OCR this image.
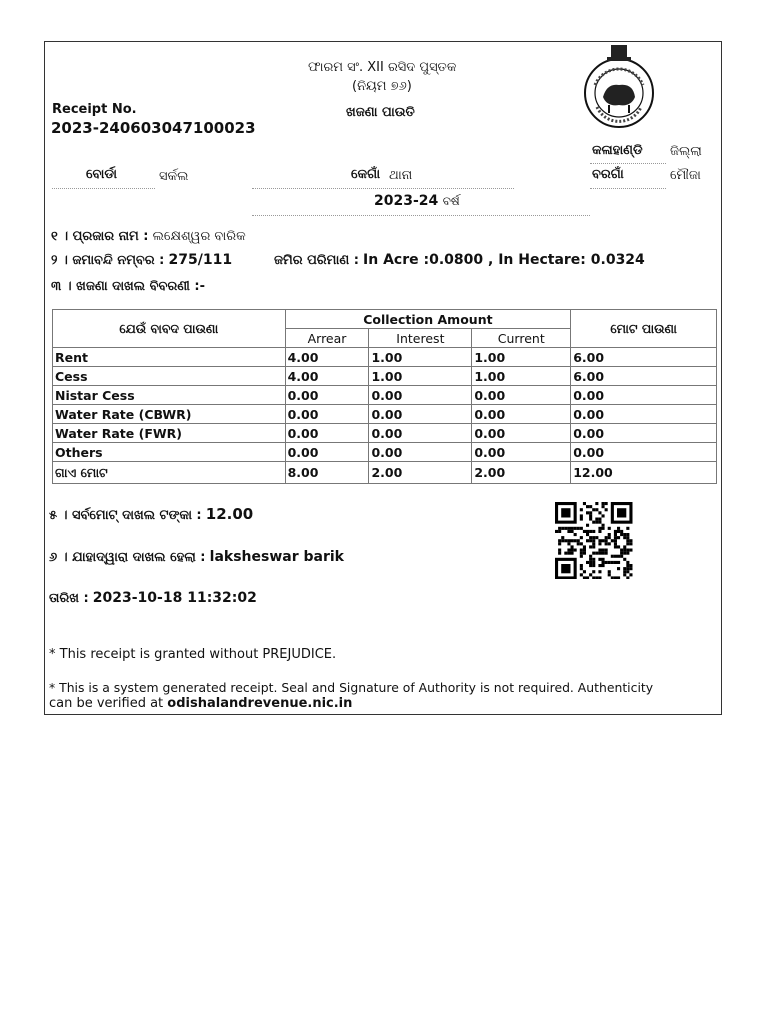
ଫାରମ ସଂ. XII ରସିଦ ପୁସ୍ତକ
(ନିୟମ ୭୬)
ଖଜଣା ପାଉତି
Receipt No.
2023-240603047100023
କଳାହାଣ୍ଡି ଜିଲ୍ଲା
ବୋର୍ଡା	ସର୍କଲ	କେଗାଁ ଥାନା	ବରଗାଁ	ମୌଜା
2023-24 ବର୍ଷ
୧ । ପ୍ରଜାର ନାମ : ଲକ୍ଷେଶ୍ୱର ବାରିକ
୨ । ଜମାବନ୍ଦି ନମ୍ବର : 275/111	ଜମିର ପରିମାଣ : In Acre :0.0800 , In Hectare: 0.0324
୩ । ଖଜଣା ଦାଖଲ ବିବରଣୀ :-
ଯେଉଁ ବାବଦ ପାଉଣା	Collection Amount			ମୋଟ ପାଉଣା
	Arrear	Interest	Current	
Rent	4.00	1.00	1.00	6.00
Cess	4.00	1.00	1.00	6.00
Nistar Cess	0.00	0.00	0.00	0.00
Water Rate (CBWR)	0.00	0.00	0.00	0.00
Water Rate (FWR)	0.00	0.00	0.00	0.00
Others	0.00	0.00	0.00	0.00
ଗାଏ ମୋଟ	8.00	2.00	2.00	12.00
୫ । ସର୍ବମୋଟ୍ ଦାଖଲ ଟଙ୍କା : 12.00
୬ । ଯାହାଦ୍ୱାରା ଦାଖଲ ହେଲା : laksheswar barik
ତାରିଖ : 2023-10-18 11:32:02
* This receipt is granted without PREJUDICE.
* This is a system generated receipt. Seal and Signature of Authority is not required. Authenticity
can be verified at odishalandrevenue.nic.in
